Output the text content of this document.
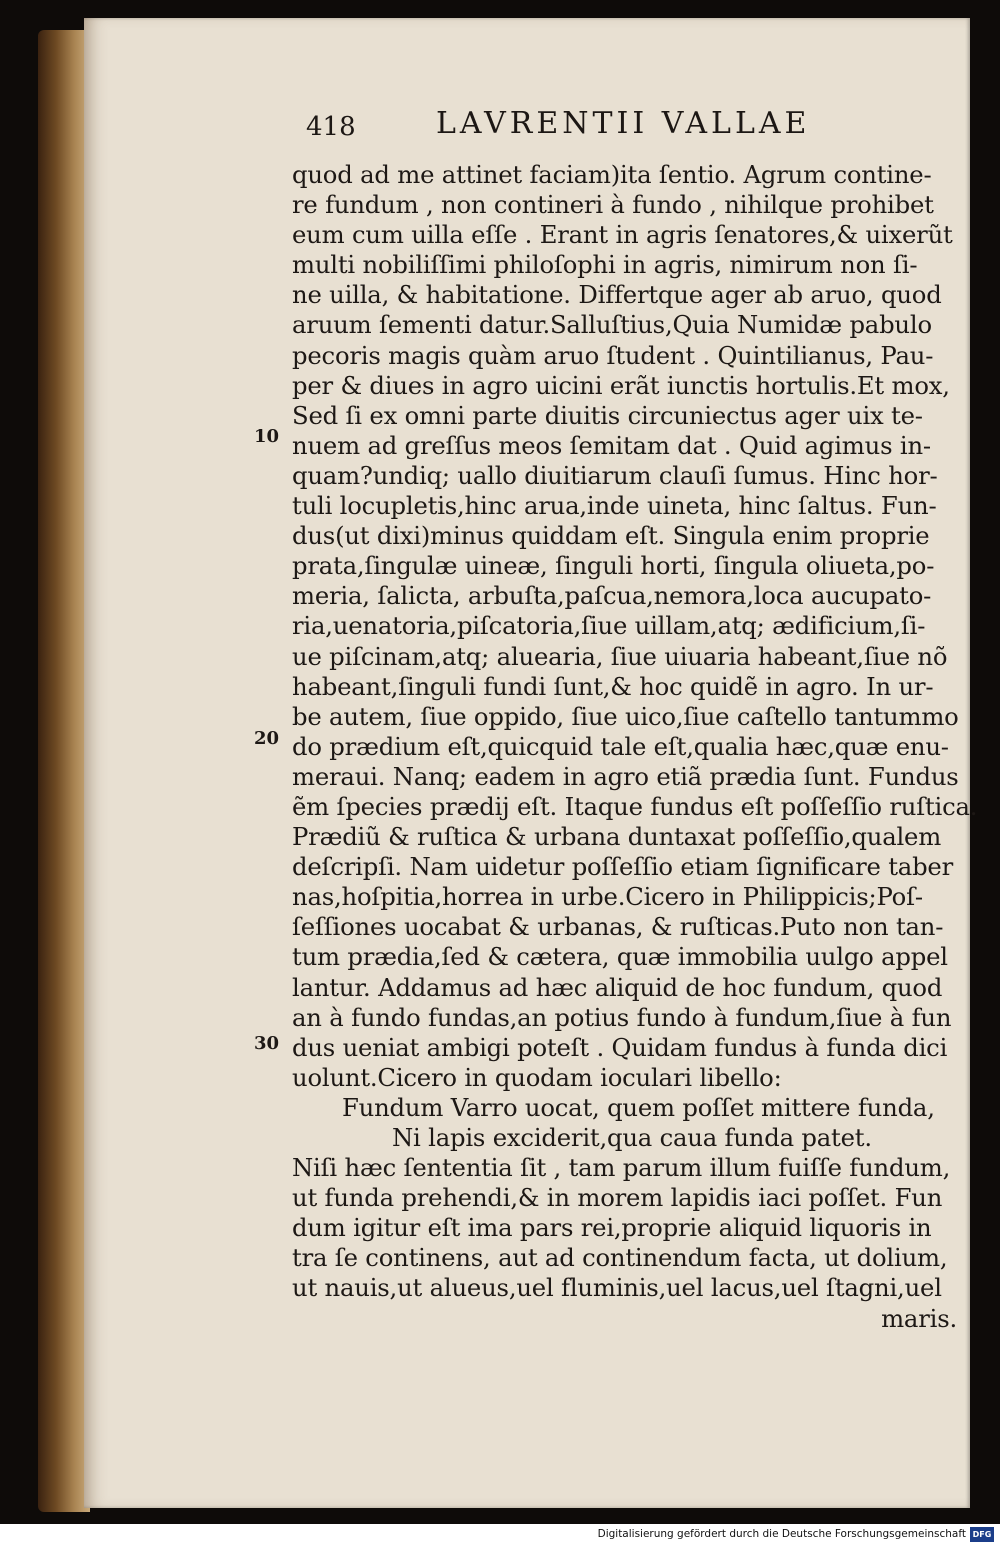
418	LAVRENTII VALLAE
10
20
30
quod ad me attinet faciam)ita ſentio. Agrum contine-
re fundum , non contineri à fundo , nihilque prohibet
eum cum uilla eſſe . Erant in agris ſenatores,& uixerũt
multi nobiliſſimi philoſophi in agris, nimirum non ſi-
ne uilla, & habitatione. Differtque ager ab aruo, quod
aruum ſementi datur.Salluſtius,Quia Numidæ pabulo
pecoris magis quàm aruo ſtudent . Quintilianus, Pau-
per & diues in agro uicini erãt iunctis hortulis.Et mox,
Sed ſi ex omni parte diuitis circuniectus ager uix te-
nuem ad greſſus meos ſemitam dat . Quid agimus in-
quam?undiq; uallo diuitiarum clauſi ſumus. Hinc hor-
tuli locupletis,hinc arua,inde uineta, hinc ſaltus. Fun-
dus(ut dixi)minus quiddam eſt. Singula enim proprie
prata,ſingulæ uineæ, ſinguli horti, ſingula oliueta,po-
meria, ſalicta, arbuſta,paſcua,nemora,loca aucupato-
ria,uenatoria,piſcatoria,ſiue uillam,atq; ædificium,ſi-
ue piſcinam,atq; aluearia, ſiue uiuaria habeant,ſiue nõ
habeant,ſinguli fundi ſunt,& hoc quidẽ in agro. In ur-
be autem, ſiue oppido, ſiue uico,ſiue caſtello tantummo
do prædium eſt,quicquid tale eſt,qualia hæc,quæ enu-
meraui. Nanq; eadem in agro etiã prædia ſunt. Fundus
ẽm ſpecies prædij eſt. Itaque fundus eſt poſſeſſio ruſtica.
Prædiũ & ruſtica & urbana duntaxat poſſeſſio,qualem
deſcripſi. Nam uidetur poſſeſſio etiam ſignificare taber
nas,hoſpitia,horrea in urbe.Cicero in Philippicis;Poſ-
ſeſſiones uocabat & urbanas, & ruſticas.Puto non tan-
tum prædia,ſed & cætera, quæ immobilia uulgo appel
lantur. Addamus ad hæc aliquid de hoc fundum, quod
an à fundo fundas,an potius fundo à fundum,ſiue à fun
dus ueniat ambigi poteſt . Quidam fundus à funda dici
uolunt.Cicero in quodam ioculari libello:
Fundum Varro uocat, quem poſſet mittere funda,
Ni lapis exciderit,qua caua funda patet.
Niſi hæc ſententia ſit , tam parum illum fuiſſe fundum,
ut funda prehendi,& in morem lapidis iaci poſſet. Fun
dum igitur eſt ima pars rei,proprie aliquid liquoris in
tra ſe continens, aut ad continendum facta, ut dolium,
ut nauis,ut alueus,uel fluminis,uel lacus,uel ſtagni,uel
maris.
Digitalisierung gefördert durch die Deutsche Forschungsgemeinschaft DFG
